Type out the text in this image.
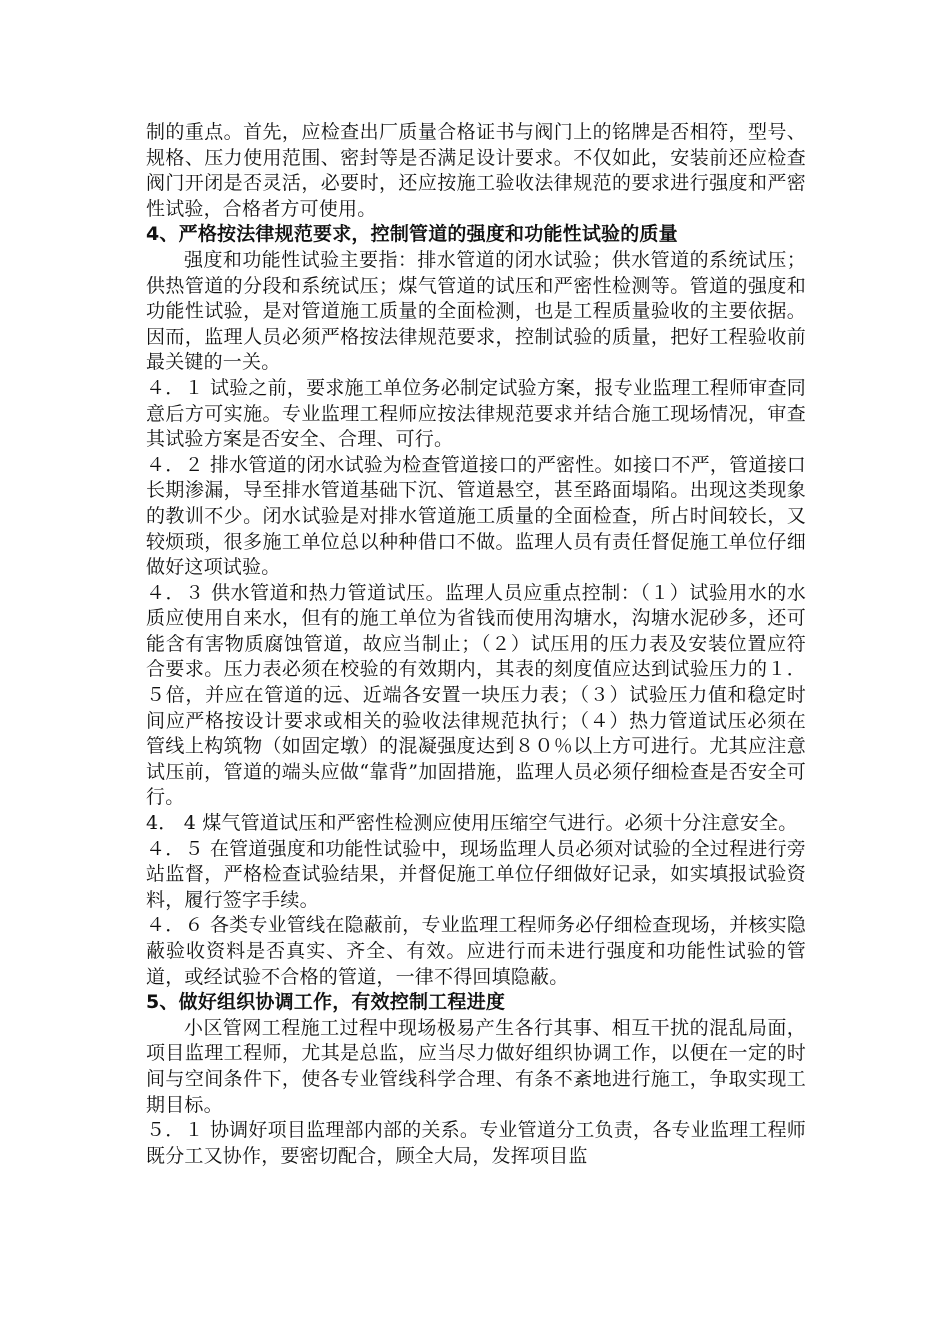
制的重点。首先，应检查出厂质量合格证书与阀门上的铭牌是否相符，型号、规格、压力使用范围、密封等是否满足设计要求。不仅如此，安装前还应检查阀门开闭是否灵活，必要时，还应按施工验收法律规范的要求进行强度和严密性试验，合格者方可使用。

4、严格按法律规范要求，控制管道的强度和功能性试验的质量

强度和功能性试验主要指：排水管道的闭水试验；供水管道的系统试压；供热管道的分段和系统试压；煤气管道的试压和严密性检测等。管道的强度和功能性试验，是对管道施工质量的全面检测，也是工程质量验收的主要依据。因而，监理人员必须严格按法律规范要求，控制试验的质量，把好工程验收前最关键的一关。

４．１ 试验之前，要求施工单位务必制定试验方案，报专业监理工程师审查同意后方可实施。专业监理工程师应按法律规范要求并结合施工现场情况，审查其试验方案是否安全、合理、可行。

４．２ 排水管道的闭水试验为检查管道接口的严密性。如接口不严，管道接口长期渗漏，导至排水管道基础下沉、管道悬空，甚至路面塌陷。出现这类现象的教训不少。闭水试验是对排水管道施工质量的全面检查，所占时间较长，又较烦琐，很多施工单位总以种种借口不做。监理人员有责任督促施工单位仔细做好这项试验。

４．３ 供水管道和热力管道试压。监理人员应重点控制：（１）试验用水的水质应使用自来水，但有的施工单位为省钱而使用沟塘水，沟塘水泥砂多，还可能含有害物质腐蚀管道，故应当制止；（２）试压用的压力表及安装位置应符合要求。压力表必须在校验的有效期内，其表的刻度值应达到试验压力的１．５倍，并应在管道的远、近端各安置一块压力表；（３）试验压力值和稳定时间应严格按设计要求或相关的验收法律规范执行；（４）热力管道试压必须在管线上构筑物（如固定墩）的混凝强度达到８０％以上方可进行。尤其应注意试压前，管道的端头应做“靠背”加固措施，监理人员必须仔细检查是否安全可行。

4． 4 煤气管道试压和严密性检测应使用压缩空气进行。必须十分注意安全。

４．５ 在管道强度和功能性试验中，现场监理人员必须对试验的全过程进行旁站监督，严格检查试验结果，并督促施工单位仔细做好记录，如实填报试验资料，履行签字手续。

４．６ 各类专业管线在隐蔽前，专业监理工程师务必仔细检查现场，并核实隐蔽验收资料是否真实、齐全、有效。应进行而未进行强度和功能性试验的管道，或经试验不合格的管道，一律不得回填隐蔽。

5、做好组织协调工作，有效控制工程进度

小区管网工程施工过程中现场极易产生各行其事、相互干扰的混乱局面，项目监理工程师，尤其是总监，应当尽力做好组织协调工作，以便在一定的时间与空间条件下，使各专业管线科学合理、有条不紊地进行施工，争取实现工期目标。

５．１ 协调好项目监理部内部的关系。专业管道分工负责，各专业监理工程师既分工又协作，要密切配合，顾全大局，发挥项目监
